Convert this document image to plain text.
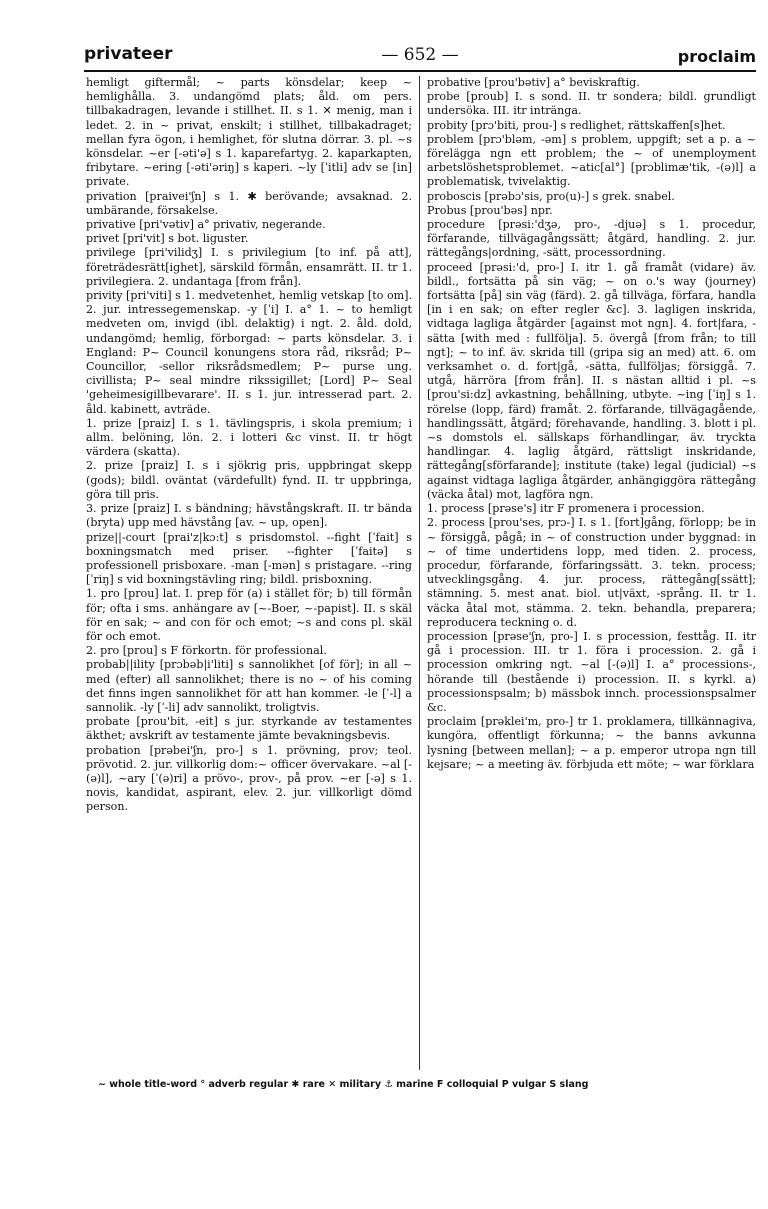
privateer	— 652 —	proclaim

hemligt giftermål; ~ parts könsdelar; keep ~ hemlighålla. 3. undangömd plats; åld. om pers. tillbakadragen, levande i stillhet. II. s 1. ✕ menig, man i ledet. 2. in ~ privat, enskilt; i stillhet, tillbakadraget; mellan fyra ögon, i hemlighet, för slutna dörrar. 3. pl. ~s könsdelar. ~er [-əti'ə] s 1. kaparefartyg. 2. kaparkapten, fribytare. ~ering [-əti'əriŋ] s kaperi. ~ly [ˈitli] adv se [in] private.

privation [praivei'ʃn] s 1. ✱ berövande; avsaknad. 2. umbärande, försakelse.

privative [pri'vətiv] a° privativ, negerande.

privet [pri'vit] s bot. liguster.

privilege [pri'vilidʒ] I. s privilegium [to inf. på att], företrädesrätt[ighet], särskild förmån, ensamrätt. II. tr 1. privilegiera. 2. undantaga [from från].

privity [pri'viti] s 1. medvetenhet, hemlig vetskap [to om]. 2. jur. intressegemenskap. -y [ˈi] I. a° 1. ~ to hemligt medveten om, invigd (ibl. delaktig) i ngt. 2. åld. dold, undangömd; hemlig, förborgad: ~ parts könsdelar. 3. i England: P~ Council konungens stora råd, riksråd; P~ Councillor, -sellor riksrådsmedlem; P~ purse ung. civillista; P~ seal mindre rikssigillet; [Lord] P~ Seal 'geheimesigillbevarare'. II. s 1. jur. intresserad part. 2. åld. kabinett, avträde.

1. prize [praiz] I. s 1. tävlingspris, i skola premium; i allm. belöning, lön. 2. i lotteri &c vinst. II. tr högt värdera (skatta).

2. prize [praiz] I. s i sjökrig pris, uppbringat skepp (gods); bildl. oväntat (värdefullt) fynd. II. tr uppbringa, göra till pris.

3. prize [praiz] I. s bändning; hävstångskraft. II. tr bända (bryta) upp med hävstång [av. ~ up, open].

prize||-court [prai'z|kɔ:t] s prisdomstol. --fight [ˈfait] s boxningsmatch med priser. --fighter [ˈfaitə] s professionell prisboxare. -man [-mən] s pristagare. --ring [ˈriŋ] s vid boxningstävling ring; bildl. prisboxning.

1. pro [prou] lat. I. prep för (a) i stället för; b) till förmån för; ofta i sms. anhängare av [~-Boer, ~-papist]. II. s skäl för en sak; ~ and con för och emot; ~s and cons pl. skäl för och emot.

2. pro [prou] s F förkortn. för professional.

probab||ility [prɔbəb|i'liti] s sannolikhet [of för]; in all ~ med (efter) all sannolikhet; there is no ~ of his coming det finns ingen sannolikhet för att han kommer. -le [ˈ-l] a sannolik. -ly [ˈ-li] adv sannolikt, troligtvis.

probate [prou'bit, -eit] s jur. styrkande av testamentes äkthet; avskrift av testamente jämte bevakningsbevis.

probation [prəbei'ʃn, pro-] s 1. prövning, prov; teol. prövotid. 2. jur. villkorlig dom:~ officer övervakare. ~al [-(ə)l], ~ary [ˈ(ə)ri] a prövo-, prov-, på prov. ~er [-ə] s 1. novis, kandidat, aspirant, elev. 2. jur. villkorligt dömd person.

probative [prou'bətiv] a° beviskraftig.

probe [proub] I. s sond. II. tr sondera; bildl. grundligt undersöka. III. itr intränga.

probity [prɔ'biti, prou-] s redlighet, rättskaffen[s]het.

problem [prɔ'bləm, -əm] s problem, uppgift; set a p. a ~ förelägga ngn ett problem; the ~ of unemployment arbetslöshetsproblemet. ~atic[al°] [prɔblimæ'tik, -(ə)l] a problematisk, tvivelaktig.

proboscis [prəbɔ'sis, pro(u)-] s grek. snabel.

Probus [prou'bəs] npr.

procedure [prəsi:'dʒə, pro-, -djuə] s 1. procedur, förfarande, tillvägagångssätt; åtgärd, handling. 2. jur. rättegångs|ordning, -sätt, processordning.

proceed [prəsi:'d, pro-] I. itr 1. gå framåt (vidare) äv. bildl., fortsätta på sin väg; ~ on o.'s way (journey) fortsätta [på] sin väg (färd). 2. gå tillväga, förfara, handla [in i en sak; on efter regler &c]. 3. lagligen inskrida, vidtaga lagliga åtgärder [against mot ngn]. 4. fort|fara, -sätta [with med : fullfölja]. 5. övergå [from från; to till ngt]; ~ to inf. äv. skrida till (gripa sig an med) att. 6. om verksamhet o. d. fort|gå, -sätta, fullföljas; försiggå. 7. utgå, härröra [from från]. II. s nästan alltid i pl. ~s [prou'si:dz] avkastning, behållning, utbyte. ~ing [ˈiŋ] s 1. rörelse (lopp, färd) framåt. 2. förfarande, tillvägagående, handlingssätt, åtgärd; förehavande, handling. 3. blott i pl. ~s domstols el. sällskaps förhandlingar, äv. tryckta handlingar. 4. laglig åtgärd, rättsligt inskridande, rättegång[sförfarande]; institute (take) legal (judicial) ~s against vidtaga lagliga åtgärder, anhängiggöra rättegång (väcka åtal) mot, lagföra ngn.

1. process [prəse's] itr F promenera i procession.

2. process [prou'ses, prɔ-] I. s 1. [fort]gång, förlopp; be in ~ försiggå, pågå; in ~ of construction under byggnad: in ~ of time undertidens lopp, med tiden. 2. process, procedur, förfarande, förfaringssätt. 3. tekn. process; utvecklingsgång. 4. jur. process, rättegång[ssätt]; stämning. 5. mest anat. biol. ut|växt, -språng. II. tr 1. väcka åtal mot, stämma. 2. tekn. behandla, preparera; reproducera teckning o. d.

procession [prəse'ʃn, pro-] I. s procession, festtåg. II. itr gå i procession. III. tr 1. föra i procession. 2. gå i procession omkring ngt. ~al [-(ə)l] I. a° processions-, hörande till (bestående i) procession. II. s kyrkl. a) processionspsalm; b) mässbok innch. processionspsalmer &c.

proclaim [prəklei'm, pro-] tr 1. proklamera, tillkännagiva, kungöra, offentligt förkunna; ~ the banns avkunna lysning [between mellan]; ~ a p. emperor utropa ngn till kejsare; ~ a meeting äv. förbjuda ett möte; ~ war förklara

~ whole title-word ° adverb regular ✱ rare ✕ military ⚓ marine F colloquial P vulgar S slang
